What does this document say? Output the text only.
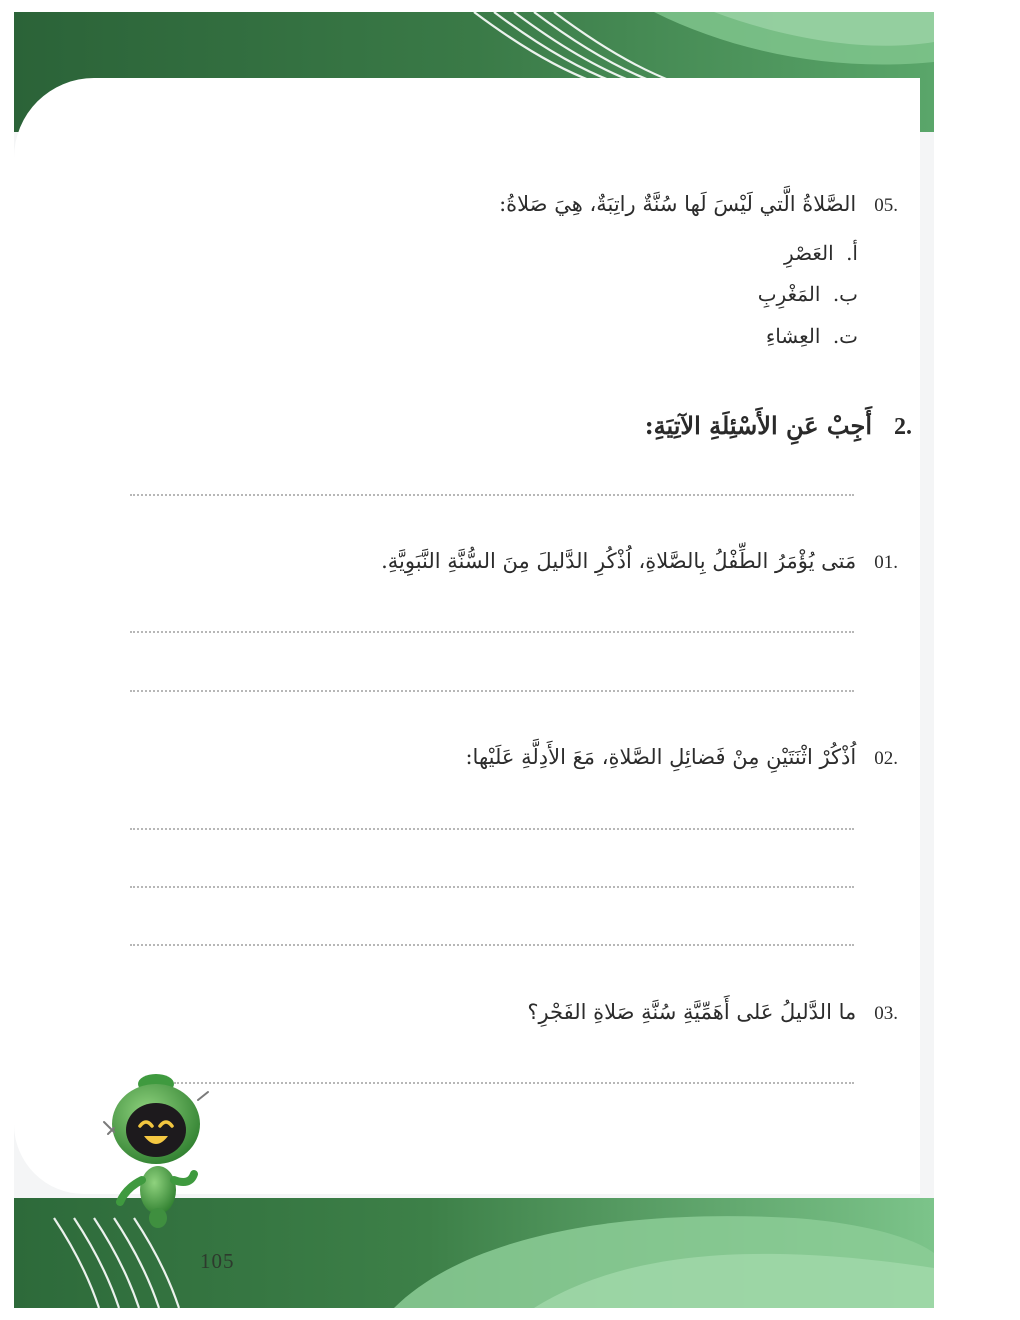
05.الصَّلاةُ الَّتي لَيْسَ لَها سُنَّةٌ راتِبَةٌ، هِيَ صَلاةُ:
أ. العَصْرِ
ب. المَغْرِبِ
ت. العِشاءِ
2.أَجِبْ عَنِ الأَسْئِلَةِ الآتِيَةِ:
01.مَتى يُؤْمَرُ الطِّفْلُ بِالصَّلاةِ، اُذْكُرِ الدَّليلَ مِنَ السُّنَّةِ النَّبَوِيَّةِ.
02.اُذْكُرْ اثْنَتَيْنِ مِنْ فَضائِلِ الصَّلاةِ، مَعَ الأَدِلَّةِ عَلَيْها:
03.ما الدَّليلُ عَلى أَهَمِّيَّةِ سُنَّةِ صَلاةِ الفَجْرِ؟
105
